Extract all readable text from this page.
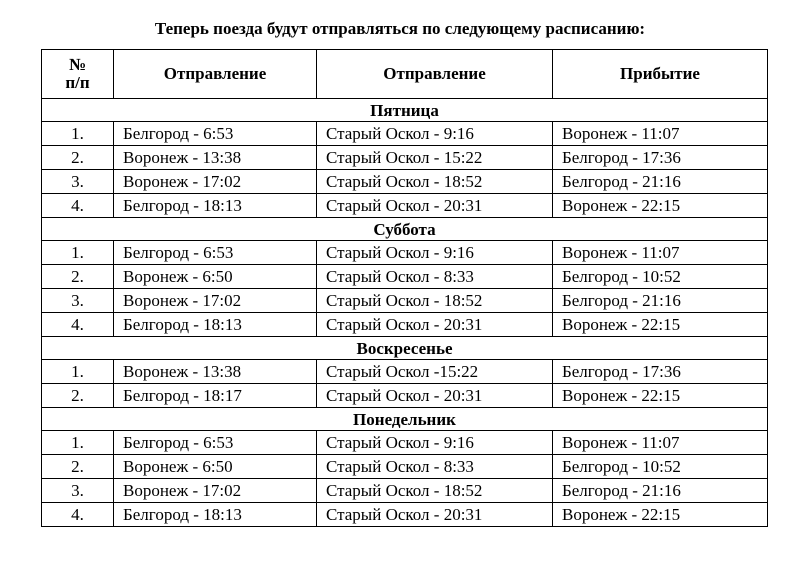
Теперь поезда будут отправляться по следующему расписанию:
№
п/п	Отправление	Отправление	Прибытие
Пятница			
1.	Белгород - 6:53	Старый Оскол - 9:16	Воронеж - 11:07
2.	Воронеж - 13:38	Старый Оскол - 15:22	Белгород - 17:36
3.	Воронеж - 17:02	Старый Оскол - 18:52	Белгород - 21:16
4.	Белгород - 18:13	Старый Оскол - 20:31	Воронеж - 22:15
Суббота			
1.	Белгород - 6:53	Старый Оскол - 9:16	Воронеж - 11:07
2.	Воронеж - 6:50	Старый Оскол - 8:33	Белгород - 10:52
3.	Воронеж - 17:02	Старый Оскол - 18:52	Белгород - 21:16
4.	Белгород - 18:13	Старый Оскол - 20:31	Воронеж - 22:15
Воскресенье			
1.	Воронеж - 13:38	Старый Оскол -15:22	Белгород - 17:36
2.	Белгород - 18:17	Старый Оскол - 20:31	Воронеж - 22:15
Понедельник			
1.	Белгород - 6:53	Старый Оскол - 9:16	Воронеж - 11:07
2.	Воронеж - 6:50	Старый Оскол - 8:33	Белгород - 10:52
3.	Воронеж - 17:02	Старый Оскол - 18:52	Белгород - 21:16
4.	Белгород - 18:13	Старый Оскол - 20:31	Воронеж - 22:15
